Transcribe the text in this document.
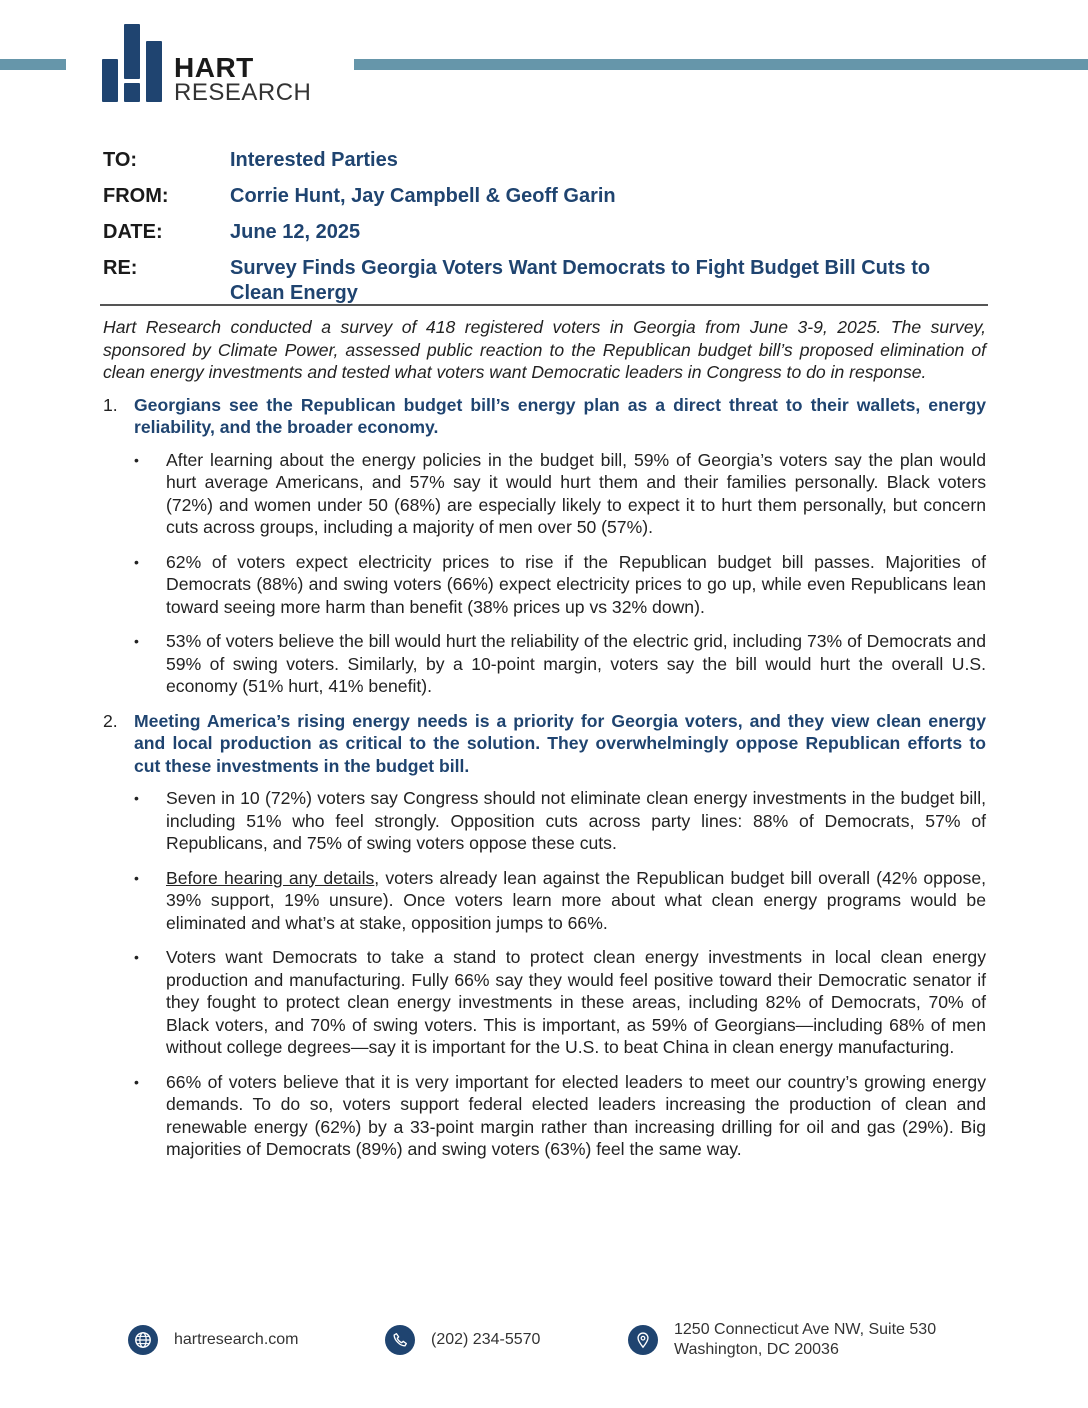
HART
RESEARCH
TO:	Interested Parties
FROM:	Corrie Hunt, Jay Campbell & Geoff Garin
DATE:	June 12, 2025
RE:	Survey Finds Georgia Voters Want Democrats to Fight Budget Bill Cuts to Clean Energy

Hart Research conducted a survey of 418 registered voters in Georgia from June 3-9, 2025. The survey, sponsored by Climate Power, assessed public reaction to the Republican budget bill’s proposed elimination of clean energy investments and tested what voters want Democratic leaders in Congress to do in response.

1. Georgians see the Republican budget bill’s energy plan as a direct threat to their wallets, energy reliability, and the broader economy.
•	After learning about the energy policies in the budget bill, 59% of Georgia’s voters say the plan would hurt average Americans, and 57% say it would hurt them and their families personally. Black voters (72%) and women under 50 (68%) are especially likely to expect it to hurt them personally, but concern cuts across groups, including a majority of men over 50 (57%).
•	62% of voters expect electricity prices to rise if the Republican budget bill passes. Majorities of Democrats (88%) and swing voters (66%) expect electricity prices to go up, while even Republicans lean toward seeing more harm than benefit (38% prices up vs 32% down).
•	53% of voters believe the bill would hurt the reliability of the electric grid, including 73% of Democrats and 59% of swing voters. Similarly, by a 10-point margin, voters say the bill would hurt the overall U.S. economy (51% hurt, 41% benefit).
2. Meeting America’s rising energy needs is a priority for Georgia voters, and they view clean energy and local production as critical to the solution. They overwhelmingly oppose Republican efforts to cut these investments in the budget bill.
•	Seven in 10 (72%) voters say Congress should not eliminate clean energy investments in the budget bill, including 51% who feel strongly. Opposition cuts across party lines: 88% of Democrats, 57% of Republicans, and 75% of swing voters oppose these cuts.
•	Before hearing any details, voters already lean against the Republican budget bill overall (42% oppose, 39% support, 19% unsure). Once voters learn more about what clean energy programs would be eliminated and what’s at stake, opposition jumps to 66%.
•	Voters want Democrats to take a stand to protect clean energy investments in local clean energy production and manufacturing. Fully 66% say they would feel positive toward their Democratic senator if they fought to protect clean energy investments in these areas, including 82% of Democrats, 70% of Black voters, and 70% of swing voters. This is important, as 59% of Georgians—including 68% of men without college degrees—say it is important for the U.S. to beat China in clean energy manufacturing.
•	66% of voters believe that it is very important for elected leaders to meet our country’s growing energy demands. To do so, voters support federal elected leaders increasing the production of clean and renewable energy (62%) by a 33-point margin rather than increasing drilling for oil and gas (29%). Big majorities of Democrats (89%) and swing voters (63%) feel the same way.
hartresearch.com	(202) 234-5570
1250 Connecticut Ave NW, Suite 530
Washington, DC 20036
